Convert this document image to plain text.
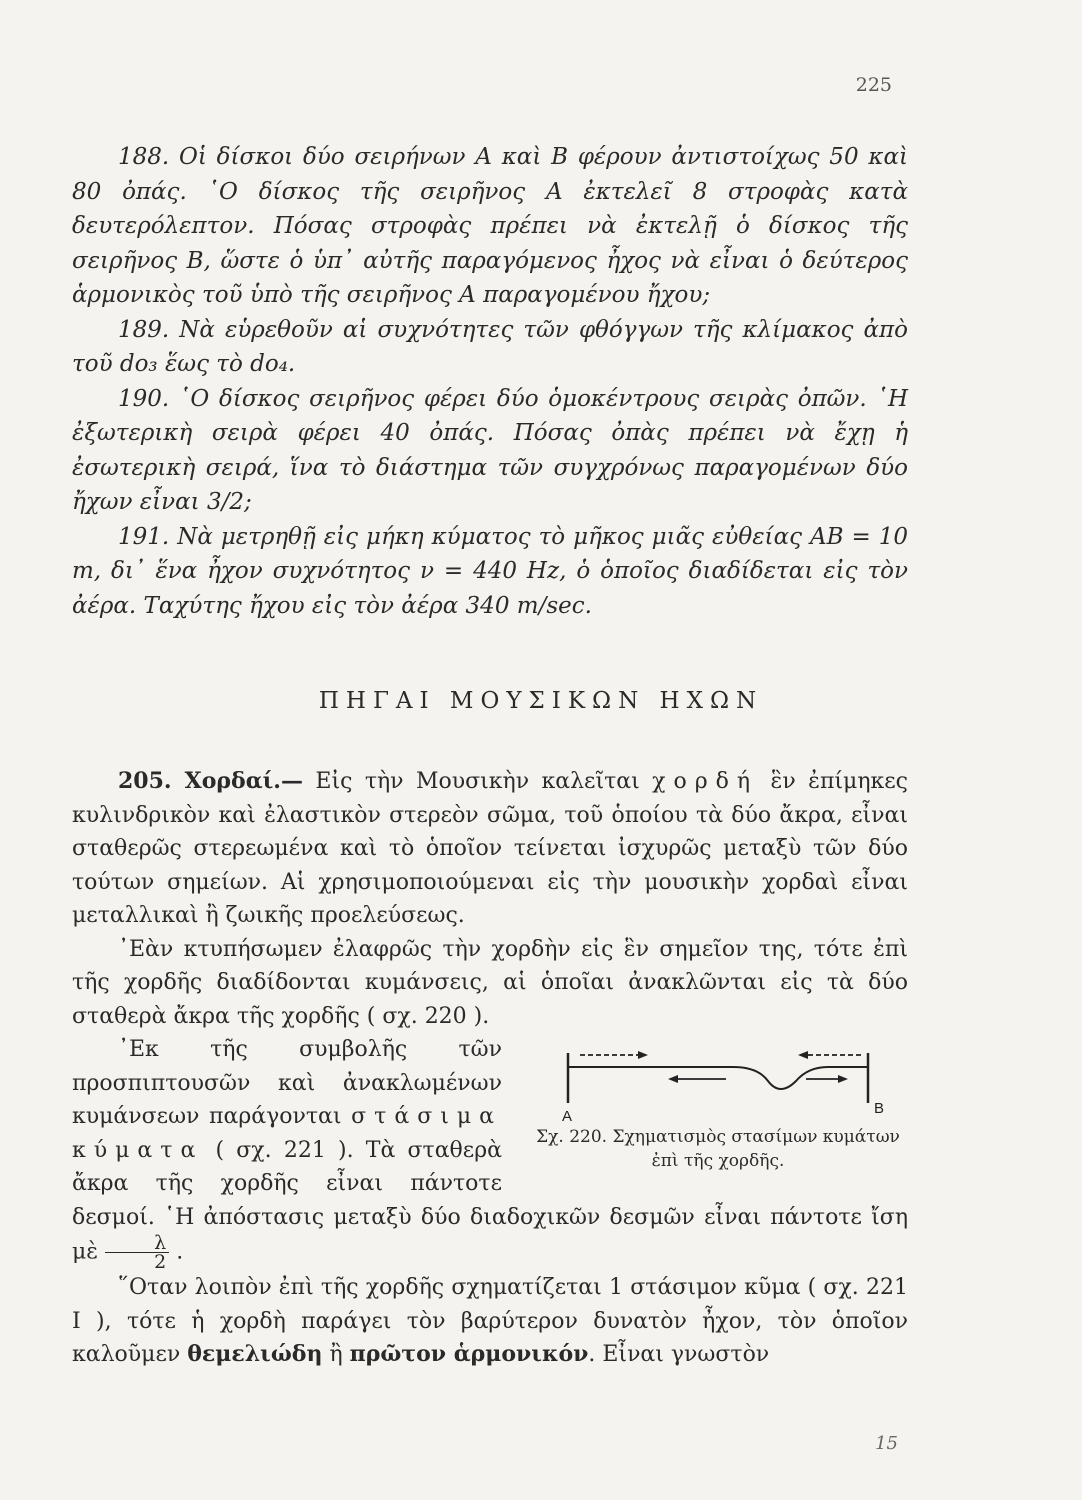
225

188. Οἱ δίσκοι δύο σειρήνων A καὶ B φέρουν ἀντιστοίχως 50 καὶ 80 ὀπάς. ῾Ο δίσκος τῆς σειρῆνος A ἐκτελεῖ 8 στροφὰς κατὰ δευτερόλεπτον. Πόσας στροφὰς πρέπει νὰ ἐκτελῇ ὁ δίσκος τῆς σειρῆνος B, ὥστε ὁ ὑπ᾽ αὐτῆς παραγόμενος ἦχος νὰ εἶναι ὁ δεύτερος ἁρμονικὸς τοῦ ὑπὸ τῆς σειρῆνος A παραγομένου ἤχου;

189. Νὰ εὑρεθοῦν αἱ συχνότητες τῶν φθόγγων τῆς κλίμακος ἀπὸ τοῦ do₃ ἕως τὸ do₄.

190. ῾Ο δίσκος σειρῆνος φέρει δύο ὁμοκέντρους σειρὰς ὀπῶν. ῾Η ἐξωτερικὴ σειρὰ φέρει 40 ὀπάς. Πόσας ὀπὰς πρέπει νὰ ἔχῃ ἡ ἐσωτερικὴ σειρά, ἵνα τὸ διάστημα τῶν συγχρόνως παραγομένων δύο ἤχων εἶναι 3/2;

191. Νὰ μετρηθῇ εἰς μήκη κύματος τὸ μῆκος μιᾶς εὐθείας AB = 10 m, δι᾽ ἕνα ἦχον συχνότητος ν = 440 Hz, ὁ ὁποῖος διαδίδεται εἰς τὸν ἀέρα. Ταχύτης ἤχου εἰς τὸν ἀέρα 340 m/sec.

ΠΗΓΑΙ ΜΟΥΣΙΚΩΝ ΗΧΩΝ

205. Χορδαί.— Εἰς τὴν Μουσικὴν καλεῖται χορδή ἓν ἐπίμηκες κυλινδρικὸν καὶ ἐλαστικὸν στερεὸν σῶμα, τοῦ ὁποίου τὰ δύο ἄκρα, εἶναι σταθερῶς στερεωμένα καὶ τὸ ὁποῖον τείνεται ἰσχυρῶς μεταξὺ τῶν δύο τούτων σημείων. Αἱ χρησιμοποιούμεναι εἰς τὴν μουσικὴν χορδαὶ εἶναι μεταλλικαὶ ἢ ζωικῆς προελεύσεως.

᾽Εὰν κτυπήσωμεν ἐλαφρῶς τὴν χορδὴν εἰς ἓν σημεῖον της, τότε ἐπὶ τῆς χορδῆς διαδίδονται κυμάνσεις, αἱ ὁποῖαι ἀνακλῶνται εἰς τὰ δύο σταθερὰ ἄκρα τῆς χορδῆς ( σχ. 220 ).

A	B
Σχ. 220. Σχηματισμὸς στασίμων κυμάτων ἐπὶ τῆς χορδῆς.

᾽Εκ τῆς συμβολῆς τῶν προσπιπτουσῶν καὶ ἀνακλωμένων κυμάνσεων παράγονται στάσιμα κύματα ( σχ. 221 ). Τὰ σταθερὰ ἄκρα τῆς χορδῆς εἶναι πάντοτε δεσμοί. ῾Η ἀπόστασις μεταξὺ δύο διαδοχικῶν δεσμῶν εἶναι πάντοτε ἴση μὲ $\frac{\lambda}{2}$ .

῞Οταν λοιπὸν ἐπὶ τῆς χορδῆς σχηματίζεται 1 στάσιμον κῦμα ( σχ. 221 I ), τότε ἡ χορδὴ παράγει τὸν βαρύτερον δυνατὸν ἦχον, τὸν ὁποῖον καλοῦμεν θεμελιώδη ἢ πρῶτον ἁρμονικόν. Εἶναι γνωστὸν

15
